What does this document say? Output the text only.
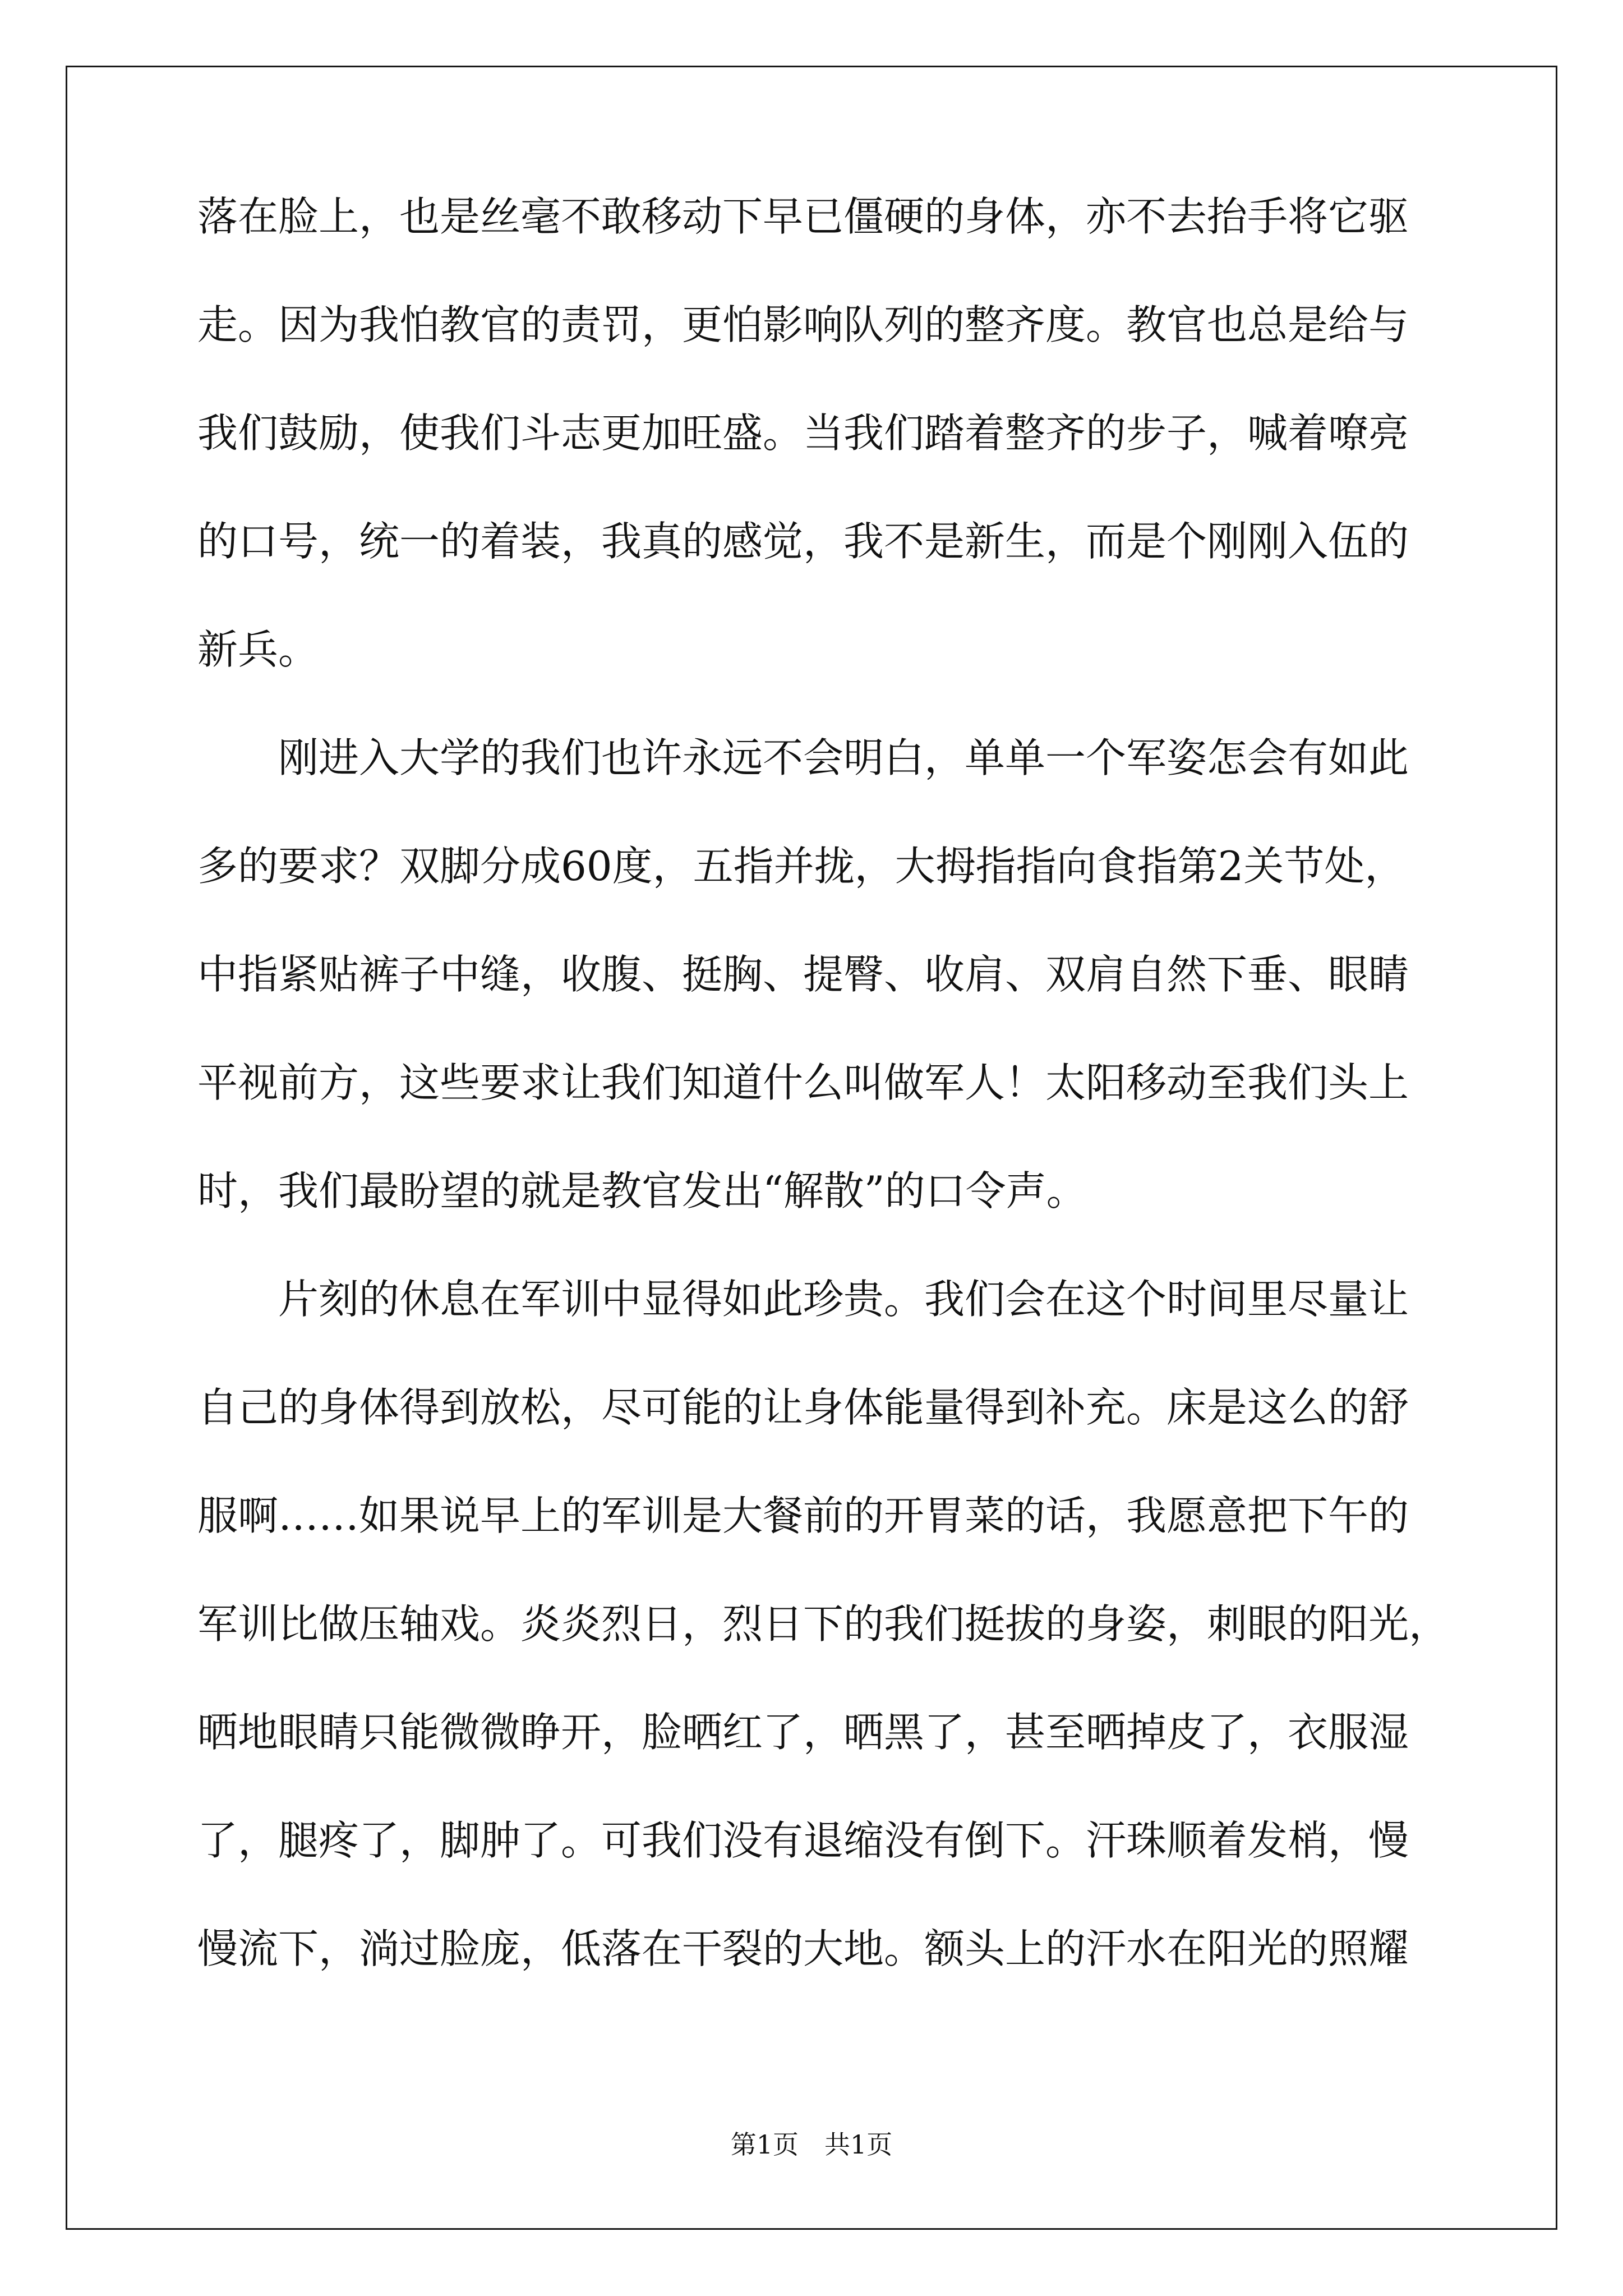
落在脸上，也是丝毫不敢移动下早已僵硬的身体，亦不去抬手将它驱
走。因为我怕教官的责罚，更怕影响队列的整齐度。教官也总是给与
我们鼓励，使我们斗志更加旺盛。当我们踏着整齐的步子，喊着嘹亮
的口号，统一的着装，我真的感觉，我不是新生，而是个刚刚入伍的
新兵。
刚进入大学的我们也许永远不会明白，单单一个军姿怎会有如此
多的要求？双脚分成60度，五指并拢，大拇指指向食指第2关节处，
中指紧贴裤子中缝，收腹、挺胸、提臀、收肩、双肩自然下垂、眼睛
平视前方，这些要求让我们知道什么叫做军人！太阳移动至我们头上
时，我们最盼望的就是教官发出“解散”的口令声。
片刻的休息在军训中显得如此珍贵。我们会在这个时间里尽量让
自己的身体得到放松，尽可能的让身体能量得到补充。床是这么的舒
服啊……如果说早上的军训是大餐前的开胃菜的话，我愿意把下午的
军训比做压轴戏。炎炎烈日，烈日下的我们挺拔的身姿，刺眼的阳光，
晒地眼睛只能微微睁开，脸晒红了，晒黑了，甚至晒掉皮了，衣服湿
了，腿疼了，脚肿了。可我们没有退缩没有倒下。汗珠顺着发梢，慢
慢流下，淌过脸庞，低落在干裂的大地。额头上的汗水在阳光的照耀
第1页　共1页
